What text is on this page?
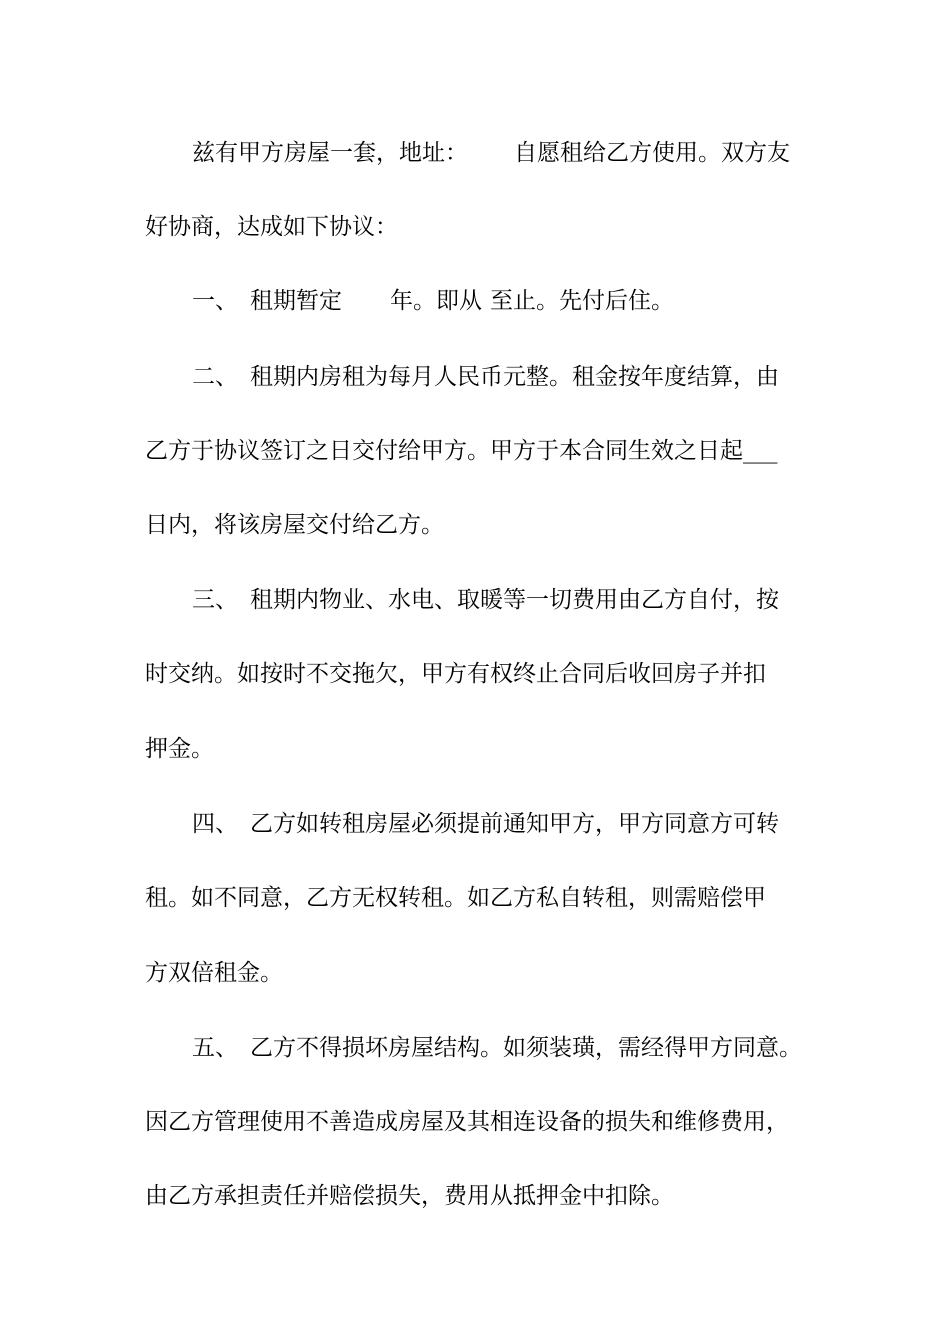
兹有甲方房屋一套，地址： 自愿租给乙方使用。双方友

好协商，达成如下协议：

一、 租期暂定 年。即从 至止。先付后住。

二、 租期内房租为每月人民币元整。租金按年度结算，由

乙方于协议签订之日交付给甲方。甲方于本合同生效之日起___

日内，将该房屋交付给乙方。

三、 租期内物业、水电、取暖等一切费用由乙方自付，按

时交纳。如按时不交拖欠，甲方有权终止合同后收回房子并扣

押金。

四、 乙方如转租房屋必须提前通知甲方，甲方同意方可转

租。如不同意，乙方无权转租。如乙方私自转租，则需赔偿甲

方双倍租金。

五、 乙方不得损坏房屋结构。如须装璜，需经得甲方同意。

因乙方管理使用不善造成房屋及其相连设备的损失和维修费用，

由乙方承担责任并赔偿损失，费用从抵押金中扣除。
